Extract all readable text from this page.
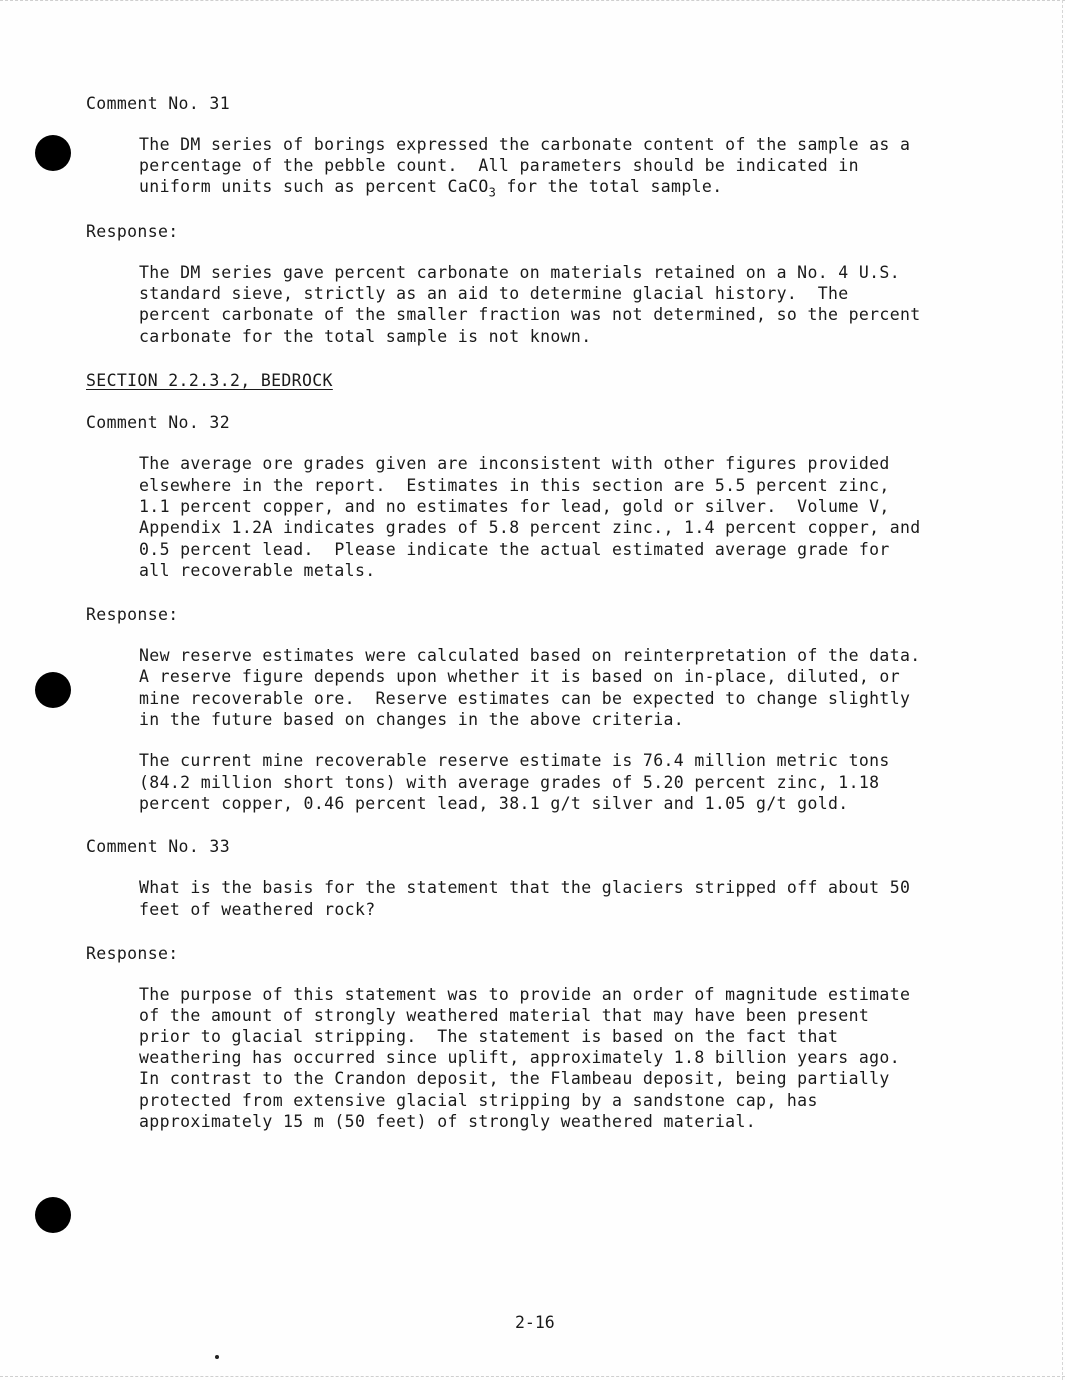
Comment No. 31
The DM series of borings expressed the carbonate content of the sample as a
percentage of the pebble count.  All parameters should be indicated in
uniform units such as percent CaCO$_3$ for the total sample.
Response:
The DM series gave percent carbonate on materials retained on a No. 4 U.S.
standard sieve, strictly as an aid to determine glacial history.  The
percent carbonate of the smaller fraction was not determined, so the percent
carbonate for the total sample is not known.
SECTION 2.2.3.2, BEDROCK
Comment No. 32
The average ore grades given are inconsistent with other figures provided
elsewhere in the report.  Estimates in this section are 5.5 percent zinc,
1.1 percent copper, and no estimates for lead, gold or silver.  Volume V,
Appendix 1.2A indicates grades of 5.8 percent zinc., 1.4 percent copper, and
0.5 percent lead.  Please indicate the actual estimated average grade for
all recoverable metals.
Response:
New reserve estimates were calculated based on reinterpretation of the data.
A reserve figure depends upon whether it is based on in-place, diluted, or
mine recoverable ore.  Reserve estimates can be expected to change slightly
in the future based on changes in the above criteria.
The current mine recoverable reserve estimate is 76.4 million metric tons
(84.2 million short tons) with average grades of 5.20 percent zinc, 1.18
percent copper, 0.46 percent lead, 38.1 g/t silver and 1.05 g/t gold.
Comment No. 33
What is the basis for the statement that the glaciers stripped off about 50
feet of weathered rock?
Response:
The purpose of this statement was to provide an order of magnitude estimate
of the amount of strongly weathered material that may have been present
prior to glacial stripping.  The statement is based on the fact that
weathering has occurred since uplift, approximately 1.8 billion years ago.
In contrast to the Crandon deposit, the Flambeau deposit, being partially
protected from extensive glacial stripping by a sandstone cap, has
approximately 15 m (50 feet) of strongly weathered material.
2-16
